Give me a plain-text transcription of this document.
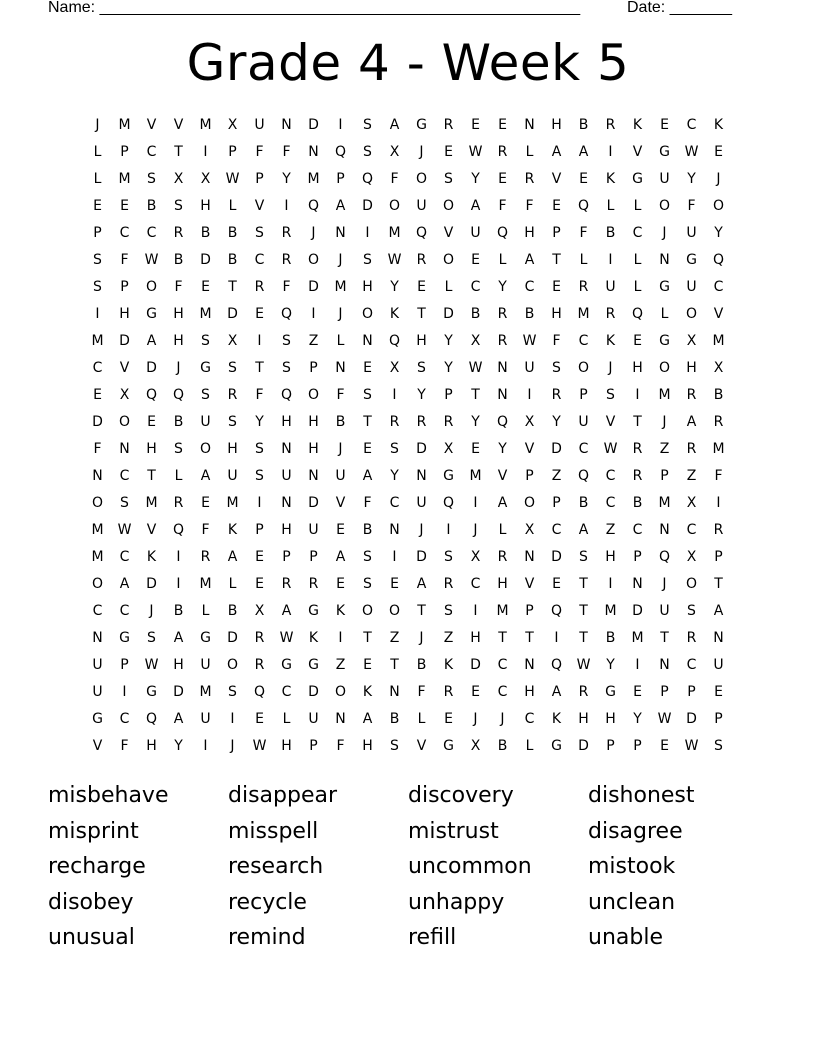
Name: ______________________________________________________	Date: _______
Grade 4 - Week 5
J	M	V	V	M	X	U	N	D	I	S	A	G	R	E	E	N	H	B	R	K	E	C	K
L	P	C	T	I	P	F	F	N	Q	S	X	J	E	W	R	L	A	A	I	V	G	W	E
L	M	S	X	X	W	P	Y	M	P	Q	F	O	S	Y	E	R	V	E	K	G	U	Y	J
E	E	B	S	H	L	V	I	Q	A	D	O	U	O	A	F	F	E	Q	L	L	O	F	O
P	C	C	R	B	B	S	R	J	N	I	M	Q	V	U	Q	H	P	F	B	C	J	U	Y
S	F	W	B	D	B	C	R	O	J	S	W	R	O	E	L	A	T	L	I	L	N	G	Q
S	P	O	F	E	T	R	F	D	M	H	Y	E	L	C	Y	C	E	R	U	L	G	U	C
I	H	G	H	M	D	E	Q	I	J	O	K	T	D	B	R	B	H	M	R	Q	L	O	V
M	D	A	H	S	X	I	S	Z	L	N	Q	H	Y	X	R	W	F	C	K	E	G	X	M
C	V	D	J	G	S	T	S	P	N	E	X	S	Y	W	N	U	S	O	J	H	O	H	X
E	X	Q	Q	S	R	F	Q	O	F	S	I	Y	P	T	N	I	R	P	S	I	M	R	B
D	O	E	B	U	S	Y	H	H	B	T	R	R	R	Y	Q	X	Y	U	V	T	J	A	R
F	N	H	S	O	H	S	N	H	J	E	S	D	X	E	Y	V	D	C	W	R	Z	R	M
N	C	T	L	A	U	S	U	N	U	A	Y	N	G	M	V	P	Z	Q	C	R	P	Z	F
O	S	M	R	E	M	I	N	D	V	F	C	U	Q	I	A	O	P	B	C	B	M	X	I
M	W	V	Q	F	K	P	H	U	E	B	N	J	I	J	L	X	C	A	Z	C	N	C	R
M	C	K	I	R	A	E	P	P	A	S	I	D	S	X	R	N	D	S	H	P	Q	X	P
O	A	D	I	M	L	E	R	R	E	S	E	A	R	C	H	V	E	T	I	N	J	O	T
C	C	J	B	L	B	X	A	G	K	O	O	T	S	I	M	P	Q	T	M	D	U	S	A
N	G	S	A	G	D	R	W	K	I	T	Z	J	Z	H	T	T	I	T	B	M	T	R	N
U	P	W	H	U	O	R	G	G	Z	E	T	B	K	D	C	N	Q	W	Y	I	N	C	U
U	I	G	D	M	S	Q	C	D	O	K	N	F	R	E	C	H	A	R	G	E	P	P	E
G	C	Q	A	U	I	E	L	U	N	A	B	L	E	J	J	C	K	H	H	Y	W	D	P
V	F	H	Y	I	J	W	H	P	F	H	S	V	G	X	B	L	G	D	P	P	E	W	S
misbehave	disappear	discovery	dishonest
misprint	misspell	mistrust	disagree
recharge	research	uncommon	mistook
disobey	recycle	unhappy	unclean
unusual	remind	refill	unable
